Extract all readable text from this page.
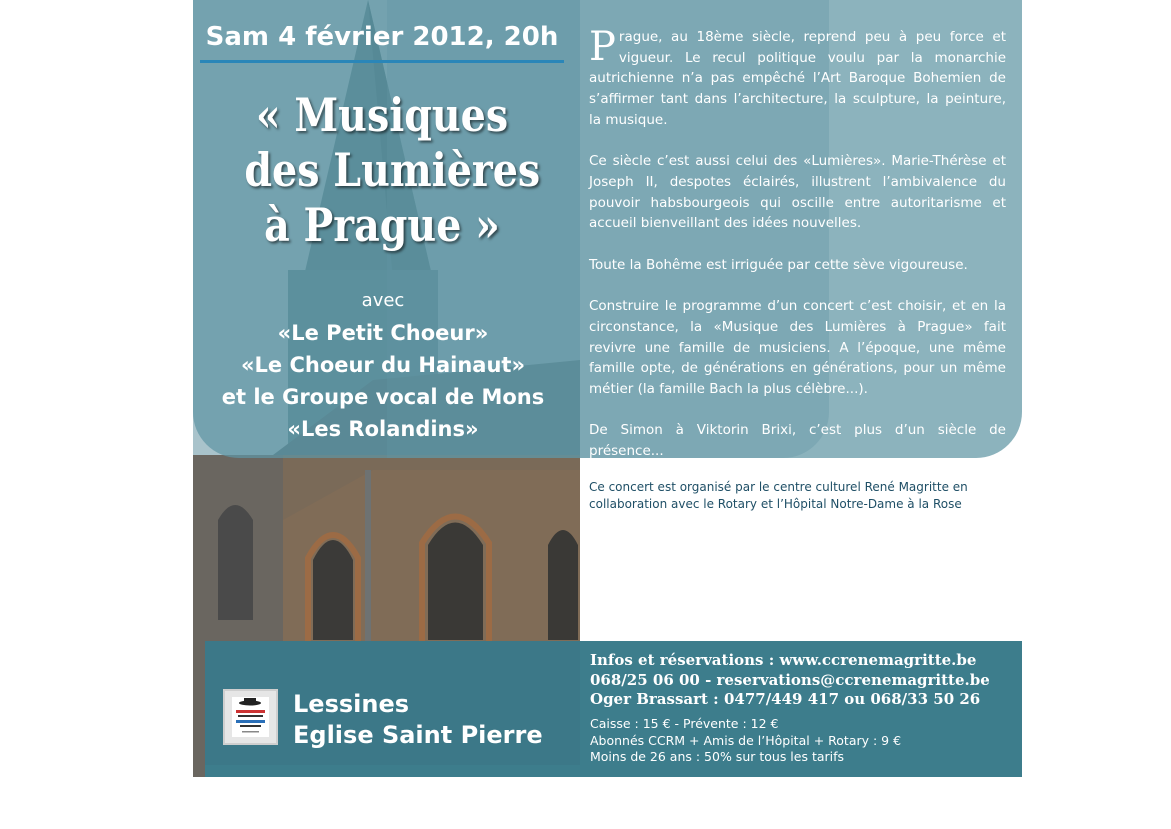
Sam 4 février 2012, 20h
« Musiques
des Lumières
à Prague »
avec
«Le Petit Choeur»
«Le Choeur du Hainaut»
et le Groupe vocal de Mons
«Les Rolandins»

Prague, au 18ème siècle, reprend peu à peu force et vigueur. Le recul politique voulu par la monarchie autrichienne n’a pas empêché l’Art Baroque Bohemien de s’affirmer tant dans l’architecture, la sculpture, la peinture, la musique.

Ce siècle c’est aussi celui des «Lumières». Marie-Thérèse et Joseph II, despotes éclairés, illustrent l’ambivalence du pouvoir habsbourgeois qui oscille entre autoritarisme et accueil bienveillant des idées nouvelles.

Toute la Bohême est irriguée par cette sève vigoureuse.

Construire le programme d’un concert c’est choisir, et en la circonstance, la «Musique des Lumières à Prague» fait revivre une famille de musiciens. A l’époque, une même famille opte, de générations en générations, pour un même métier (la famille Bach la plus célèbre...).

De Simon à Viktorin Brixi, c’est plus d’un siècle de présence...

Ce concert est organisé par le centre culturel René Magritte en
collaboration avec le Rotary et l’Hôpital Notre-Dame à la Rose
Lessines
Eglise Saint Pierre
Infos et réservations : www.ccrenemagritte.be
068/25 06 00 - reservations@ccrenemagritte.be
Oger Brassart : 0477/449 417 ou 068/33 50 26
Caisse : 15 € - Prévente : 12 €
Abonnés CCRM + Amis de l’Hôpital + Rotary : 9 €
Moins de 26 ans : 50% sur tous les tarifs
